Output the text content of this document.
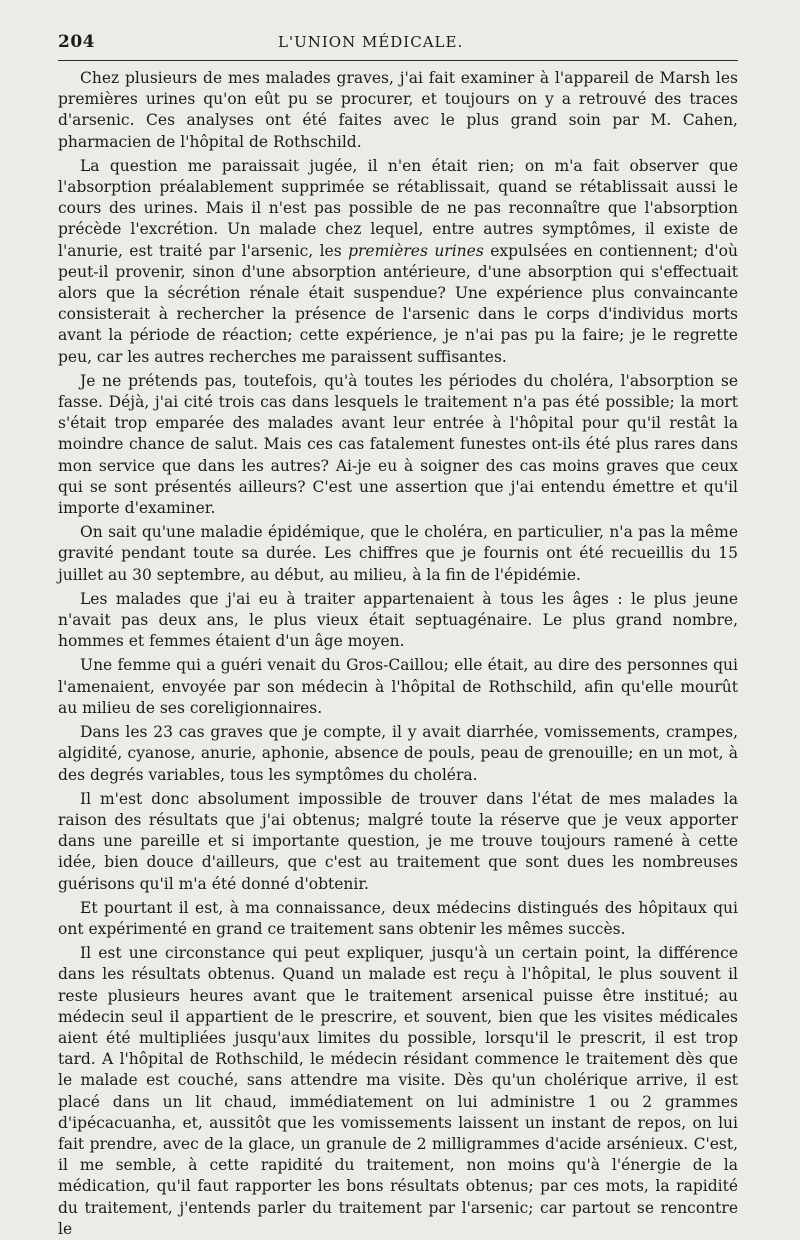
204	L'UNION MÉDICALE.

Chez plusieurs de mes malades graves, j'ai fait examiner à l'appareil de Marsh les premières urines qu'on eût pu se procurer, et toujours on y a retrouvé des traces d'arsenic. Ces analyses ont été faites avec le plus grand soin par M. Cahen, pharmacien de l'hôpital de Rothschild.

La question me paraissait jugée, il n'en était rien; on m'a fait observer que l'absorption préalablement supprimée se rétablissait, quand se rétablissait aussi le cours des urines. Mais il n'est pas possible de ne pas reconnaître que l'absorption précède l'excrétion. Un malade chez lequel, entre autres symptômes, il existe de l'anurie, est traité par l'arsenic, les premières urines expulsées en contiennent; d'où peut-il provenir, sinon d'une absorption antérieure, d'une absorption qui s'effectuait alors que la sécrétion rénale était suspendue? Une expérience plus convaincante consisterait à rechercher la présence de l'arsenic dans le corps d'individus morts avant la période de réaction; cette expérience, je n'ai pas pu la faire; je le regrette peu, car les autres recherches me paraissent suffisantes.

Je ne prétends pas, toutefois, qu'à toutes les périodes du choléra, l'absorption se fasse. Déjà, j'ai cité trois cas dans lesquels le traitement n'a pas été possible; la mort s'était trop emparée des malades avant leur entrée à l'hôpital pour qu'il restât la moindre chance de salut. Mais ces cas fatalement funestes ont-ils été plus rares dans mon service que dans les autres? Ai-je eu à soigner des cas moins graves que ceux qui se sont présentés ailleurs? C'est une assertion que j'ai entendu émettre et qu'il importe d'examiner.

On sait qu'une maladie épidémique, que le choléra, en particulier, n'a pas la même gravité pendant toute sa durée. Les chiffres que je fournis ont été recueillis du 15 juillet au 30 septembre, au début, au milieu, à la fin de l'épidémie.

Les malades que j'ai eu à traiter appartenaient à tous les âges : le plus jeune n'avait pas deux ans, le plus vieux était septuagénaire. Le plus grand nombre, hommes et femmes étaient d'un âge moyen.

Une femme qui a guéri venait du Gros-Caillou; elle était, au dire des personnes qui l'amenaient, envoyée par son médecin à l'hôpital de Rothschild, afin qu'elle mourût au milieu de ses coreligionnaires.

Dans les 23 cas graves que je compte, il y avait diarrhée, vomissements, crampes, algidité, cyanose, anurie, aphonie, absence de pouls, peau de grenouille; en un mot, à des degrés variables, tous les symptômes du choléra.

Il m'est donc absolument impossible de trouver dans l'état de mes malades la raison des résultats que j'ai obtenus; malgré toute la réserve que je veux apporter dans une pareille et si importante question, je me trouve toujours ramené à cette idée, bien douce d'ailleurs, que c'est au traitement que sont dues les nombreuses guérisons qu'il m'a été donné d'obtenir.

Et pourtant il est, à ma connaissance, deux médecins distingués des hôpitaux qui ont expérimenté en grand ce traitement sans obtenir les mêmes succès.

Il est une circonstance qui peut expliquer, jusqu'à un certain point, la différence dans les résultats obtenus. Quand un malade est reçu à l'hôpital, le plus souvent il reste plusieurs heures avant que le traitement arsenical puisse être institué; au médecin seul il appartient de le prescrire, et souvent, bien que les visites médicales aient été multipliées jusqu'aux limites du possible, lorsqu'il le prescrit, il est trop tard. A l'hôpital de Rothschild, le médecin résidant commence le traitement dès que le malade est couché, sans attendre ma visite. Dès qu'un cholérique arrive, il est placé dans un lit chaud, immédiatement on lui administre 1 ou 2 grammes d'ipécacuanha, et, aussitôt que les vomissements laissent un instant de repos, on lui fait prendre, avec de la glace, un granule de 2 milligrammes d'acide arsénieux. C'est, il me semble, à cette rapidité du traitement, non moins qu'à l'énergie de la médication, qu'il faut rapporter les bons résultats obtenus; par ces mots, la rapidité du traitement, j'entends parler du traitement par l'arsenic; car partout se rencontre le
